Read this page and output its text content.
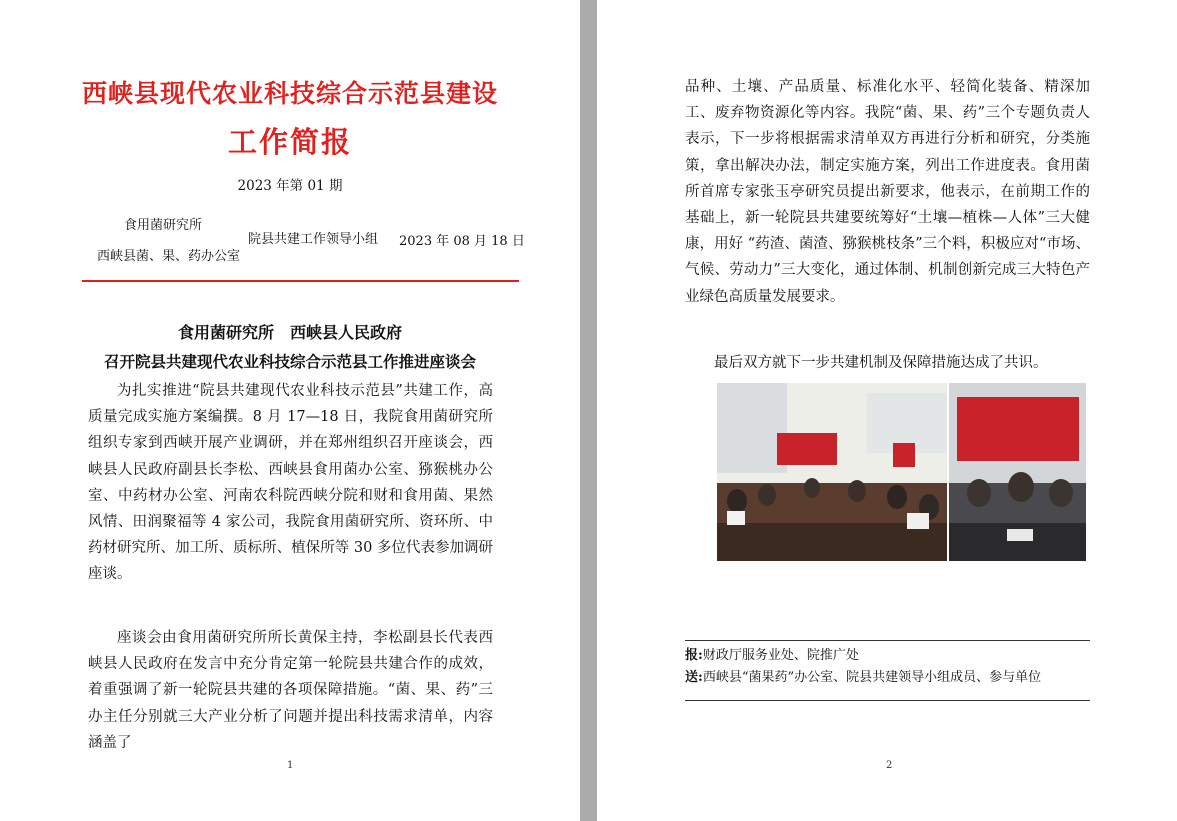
西峡县现代农业科技综合示范县建设
工作简报
2023 年第 01 期
食用菌研究所
西峡县菌、果、药办公室
院县共建工作领导小组 2023 年 08 月 18 日
食用菌研究所　西峡县人民政府
召开院县共建现代农业科技综合示范县工作推进座谈会

为扎实推进“院县共建现代农业科技示范县”共建工作，高质量完成实施方案编撰。8 月 17—18 日，我院食用菌研究所组织专家到西峡开展产业调研，并在郑州组织召开座谈会，西峡县人民政府副县长李松、西峡县食用菌办公室、猕猴桃办公室、中药材办公室、河南农科院西峡分院和财和食用菌、果然风情、田润聚福等 4 家公司，我院食用菌研究所、资环所、中药材研究所、加工所、质标所、植保所等 30 多位代表参加调研座谈。

座谈会由食用菌研究所所长黄保主持，李松副县长代表西峡县人民政府在发言中充分肯定第一轮院县共建合作的成效，着重强调了新一轮院县共建的各项保障措施。“菌、果、药”三办主任分别就三大产业分析了问题并提出科技需求清单，内容涵盖了

1

品种、土壤、产品质量、标准化水平、轻简化装备、精深加工、废弃物资源化等内容。我院“菌、果、药”三个专题负责人表示，下一步将根据需求清单双方再进行分析和研究，分类施策，拿出解决办法，制定实施方案，列出工作进度表。食用菌所首席专家张玉亭研究员提出新要求，他表示，在前期工作的基础上，新一轮院县共建要统筹好“土壤—植株—人体”三大健康，用好 “药渣、菌渣、猕猴桃枝条”三个料，积极应对“市场、气候、劳动力”三大变化，通过体制、机制创新完成三大特色产业绿色高质量发展要求。

最后双方就下一步共建机制及保障措施达成了共识。

报:财政厅服务业处、院推广处
送:西峡县“菌果药”办公室、院县共建领导小组成员、参与单位
2
